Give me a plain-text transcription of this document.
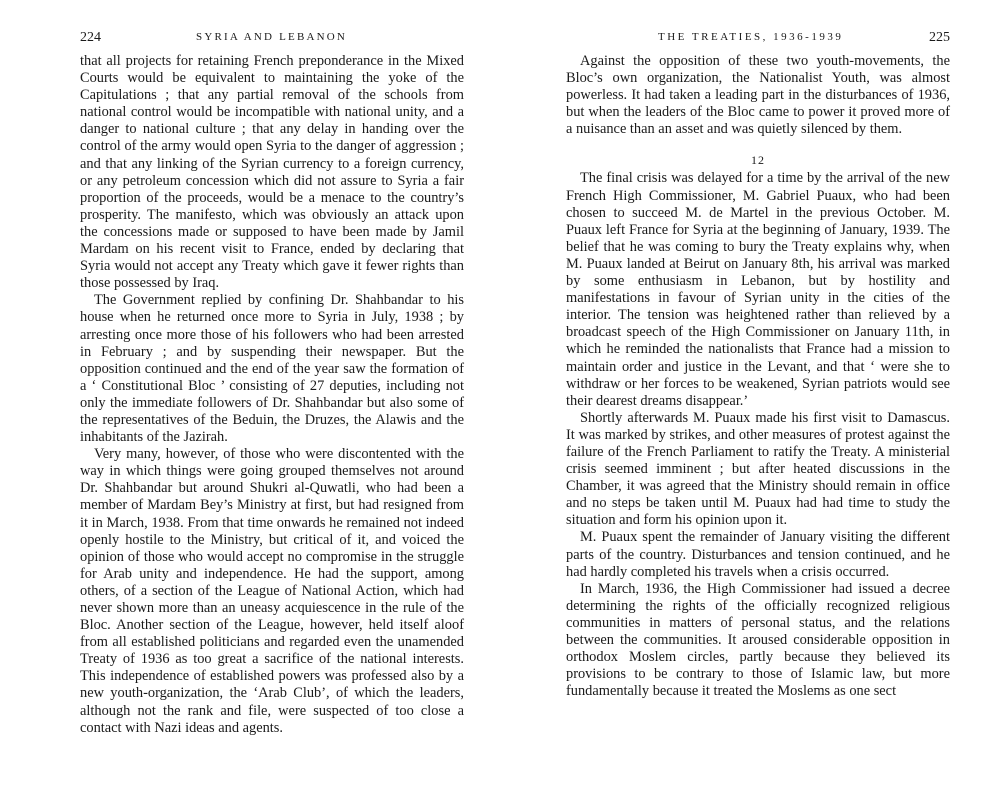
224	SYRIA AND LEBANON

that all projects for retaining French preponderance in the Mixed Courts would be equivalent to maintaining the yoke of the Capitulations ; that any partial removal of the schools from national control would be incompatible with national unity, and a danger to national culture ; that any delay in handing over the control of the army would open Syria to the danger of aggression ; and that any linking of the Syrian currency to a foreign currency, or any petroleum concession which did not assure to Syria a fair proportion of the proceeds, would be a menace to the country’s prosperity. The manifesto, which was obviously an attack upon the concessions made or supposed to have been made by Jamil Mardam on his recent visit to France, ended by declaring that Syria would not accept any Treaty which gave it fewer rights than those possessed by Iraq.

The Government replied by confining Dr. Shahbandar to his house when he returned once more to Syria in July, 1938 ; by arresting once more those of his followers who had been arrested in February ; and by suspending their newspaper. But the opposition continued and the end of the year saw the formation of a ‘ Constitutional Bloc ’ consisting of 27 deputies, including not only the immediate followers of Dr. Shahbandar but also some of the representatives of the Beduin, the Druzes, the Alawis and the inhabitants of the Jazirah.

Very many, however, of those who were discontented with the way in which things were going grouped themselves not around Dr. Shahbandar but around Shukri al-Quwatli, who had been a member of Mardam Bey’s Ministry at first, but had resigned from it in March, 1938. From that time onwards he remained not indeed openly hostile to the Ministry, but critical of it, and voiced the opinion of those who would accept no compromise in the struggle for Arab unity and independence. He had the support, among others, of a section of the League of National Action, which had never shown more than an uneasy acquiescence in the rule of the Bloc. Another section of the League, however, held itself aloof from all established politicians and regarded even the unamended Treaty of 1936 as too great a sacrifice of the national interests. This independence of established powers was professed also by a new youth-organization, the ‘Arab Club’, of which the leaders, although not the rank and file, were suspected of too close a contact with Nazi ideas and agents.

THE TREATIES, 1936-1939	225

Against the opposition of these two youth-movements, the Bloc’s own organization, the Nationalist Youth, was almost powerless. It had taken a leading part in the disturbances of 1936, but when the leaders of the Bloc came to power it proved more of a nuisance than an asset and was quietly silenced by them.

12

The final crisis was delayed for a time by the arrival of the new French High Commissioner, M. Gabriel Puaux, who had been chosen to succeed M. de Martel in the previous October. M. Puaux left France for Syria at the beginning of January, 1939. The belief that he was coming to bury the Treaty explains why, when M. Puaux landed at Beirut on January 8th, his arrival was marked by some enthusiasm in Lebanon, but by hostility and manifestations in favour of Syrian unity in the cities of the interior. The tension was heightened rather than relieved by a broadcast speech of the High Commissioner on January 11th, in which he reminded the nationalists that France had a mission to maintain order and justice in the Levant, and that ‘ were she to withdraw or her forces to be weakened, Syrian patriots would see their dearest dreams disappear.’

Shortly afterwards M. Puaux made his first visit to Damascus. It was marked by strikes, and other measures of protest against the failure of the French Parliament to ratify the Treaty. A ministerial crisis seemed imminent ; but after heated discussions in the Chamber, it was agreed that the Ministry should remain in office and no steps be taken until M. Puaux had had time to study the situation and form his opinion upon it.

M. Puaux spent the remainder of January visiting the different parts of the country. Disturbances and tension continued, and he had hardly completed his travels when a crisis occurred.

In March, 1936, the High Commissioner had issued a decree determining the rights of the officially recognized religious communities in matters of personal status, and the relations between the communities. It aroused considerable opposition in orthodox Moslem circles, partly because they believed its provisions to be contrary to those of Islamic law, but more fundamentally because it treated the Moslems as one sect
